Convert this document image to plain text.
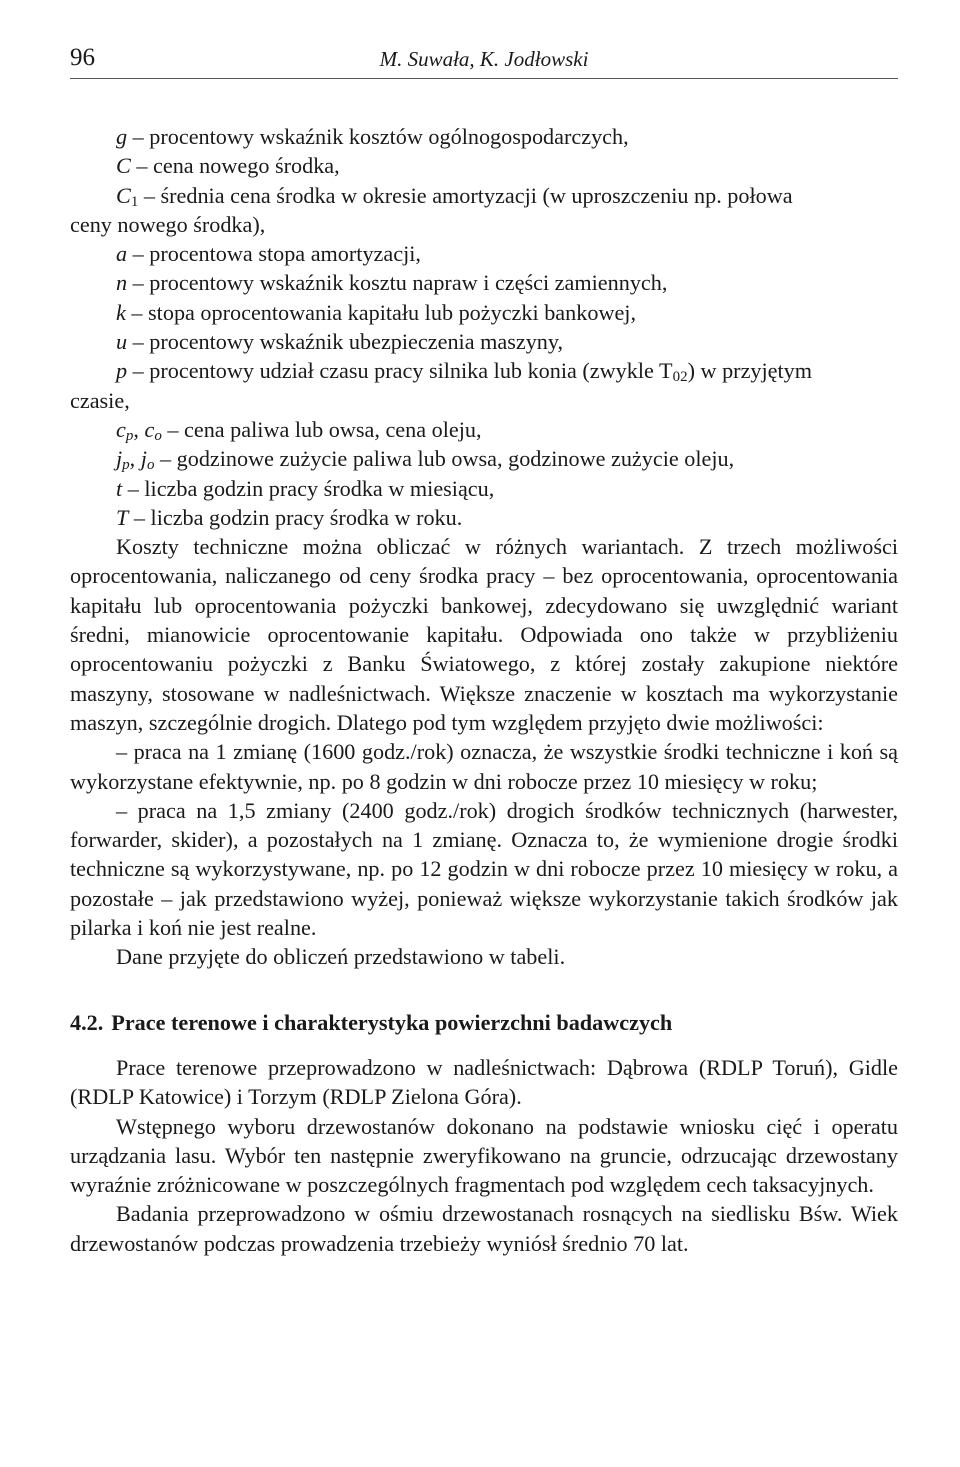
96	M. Suwała, K. Jodłowski
g – procentowy wskaźnik kosztów ogólnogospodarczych,
C – cena nowego środka,
$C_1$ – średnia cena środka w okresie amortyzacji (w uproszczeniu np. połowa
ceny nowego środka),
a – procentowa stopa amortyzacji,
n – procentowy wskaźnik kosztu napraw i części zamiennych,
k – stopa oprocentowania kapitału lub pożyczki bankowej,
u – procentowy wskaźnik ubezpieczenia maszyny,
p – procentowy udział czasu pracy silnika lub konia (zwykle $T_{02}$) w przyjętym
czasie,
$c_p$, $c_o$ – cena paliwa lub owsa, cena oleju,
$j_p$, $j_o$ – godzinowe zużycie paliwa lub owsa, godzinowe zużycie oleju,
t – liczba godzin pracy środka w miesiącu,
T – liczba godzin pracy środka w roku.

Koszty techniczne można obliczać w różnych wariantach. Z trzech możliwości oprocentowania, naliczanego od ceny środka pracy – bez oprocentowania, oprocentowania kapitału lub oprocentowania pożyczki bankowej, zdecydowano się uwzględnić wariant średni, mianowicie oprocentowanie kapitału. Odpowiada ono także w przybliżeniu oprocentowaniu pożyczki z Banku Światowego, z której zostały zakupione niektóre maszyny, stosowane w nadleśnictwach. Większe znaczenie w kosztach ma wykorzystanie maszyn, szczególnie drogich. Dlatego pod tym względem przyjęto dwie możliwości:

– praca na 1 zmianę (1600 godz./rok) oznacza, że wszystkie środki techniczne i koń są wykorzystane efektywnie, np. po 8 godzin w dni robocze przez 10 miesięcy w roku;

– praca na 1,5 zmiany (2400 godz./rok) drogich środków technicznych (harwester, forwarder, skider), a pozostałych na 1 zmianę. Oznacza to, że wymienione drogie środki techniczne są wykorzystywane, np. po 12 godzin w dni robocze przez 10 miesięcy w roku, a pozostałe – jak przedstawiono wyżej, ponieważ większe wykorzystanie takich środków jak pilarka i koń nie jest realne.

Dane przyjęte do obliczeń przedstawiono w tabeli.

4.2. Prace terenowe i charakterystyka powierzchni badawczych

Prace terenowe przeprowadzono w nadleśnictwach: Dąbrowa (RDLP Toruń), Gidle (RDLP Katowice) i Torzym (RDLP Zielona Góra).

Wstępnego wyboru drzewostanów dokonano na podstawie wniosku cięć i operatu urządzania lasu. Wybór ten następnie zweryfikowano na gruncie, odrzucając drzewostany wyraźnie zróżnicowane w poszczególnych fragmentach pod względem cech taksacyjnych.

Badania przeprowadzono w ośmiu drzewostanach rosnących na siedlisku Bśw. Wiek drzewostanów podczas prowadzenia trzebieży wyniósł średnio 70 lat.
